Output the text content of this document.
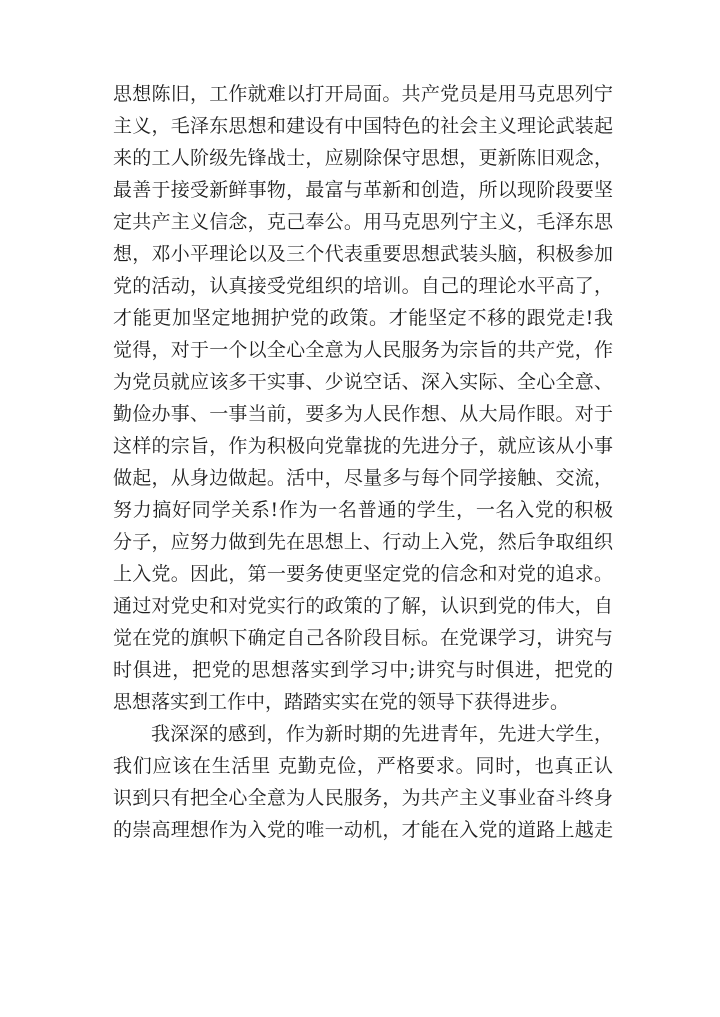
思想陈旧，工作就难以打开局面。共产党员是用马克思列宁
主义，毛泽东思想和建设有中国特色的社会主义理论武装起
来的工人阶级先锋战士，应剔除保守思想，更新陈旧观念，
最善于接受新鲜事物，最富与革新和创造，所以现阶段要坚
定共产主义信念，克己奉公。用马克思列宁主义，毛泽东思
想，邓小平理论以及三个代表重要思想武装头脑，积极参加
党的活动，认真接受党组织的培训。自己的理论水平高了，
才能更加坚定地拥护党的政策。才能坚定不移的跟党走!我
觉得，对于一个以全心全意为人民服务为宗旨的共产党，作
为党员就应该多干实事、少说空话、深入实际、全心全意、
勤俭办事、一事当前，要多为人民作想、从大局作眼。对于
这样的宗旨，作为积极向党靠拢的先进分子，就应该从小事
做起，从身边做起。活中，尽量多与每个同学接触、交流，
努力搞好同学关系!作为一名普通的学生，一名入党的积极
分子，应努力做到先在思想上、行动上入党，然后争取组织
上入党。因此，第一要务使更坚定党的信念和对党的追求。
通过对党史和对党实行的政策的了解，认识到党的伟大，自
觉在党的旗帜下确定自己各阶段目标。在党课学习，讲究与
时俱进，把党的思想落实到学习中;讲究与时俱进，把党的
思想落实到工作中，踏踏实实在党的领导下获得进步。
我深深的感到，作为新时期的先进青年，先进大学生，
我们应该在生活里 克勤克俭，严格要求。同时，也真正认
识到只有把全心全意为人民服务，为共产主义事业奋斗终身
的崇高理想作为入党的唯一动机，才能在入党的道路上越走
